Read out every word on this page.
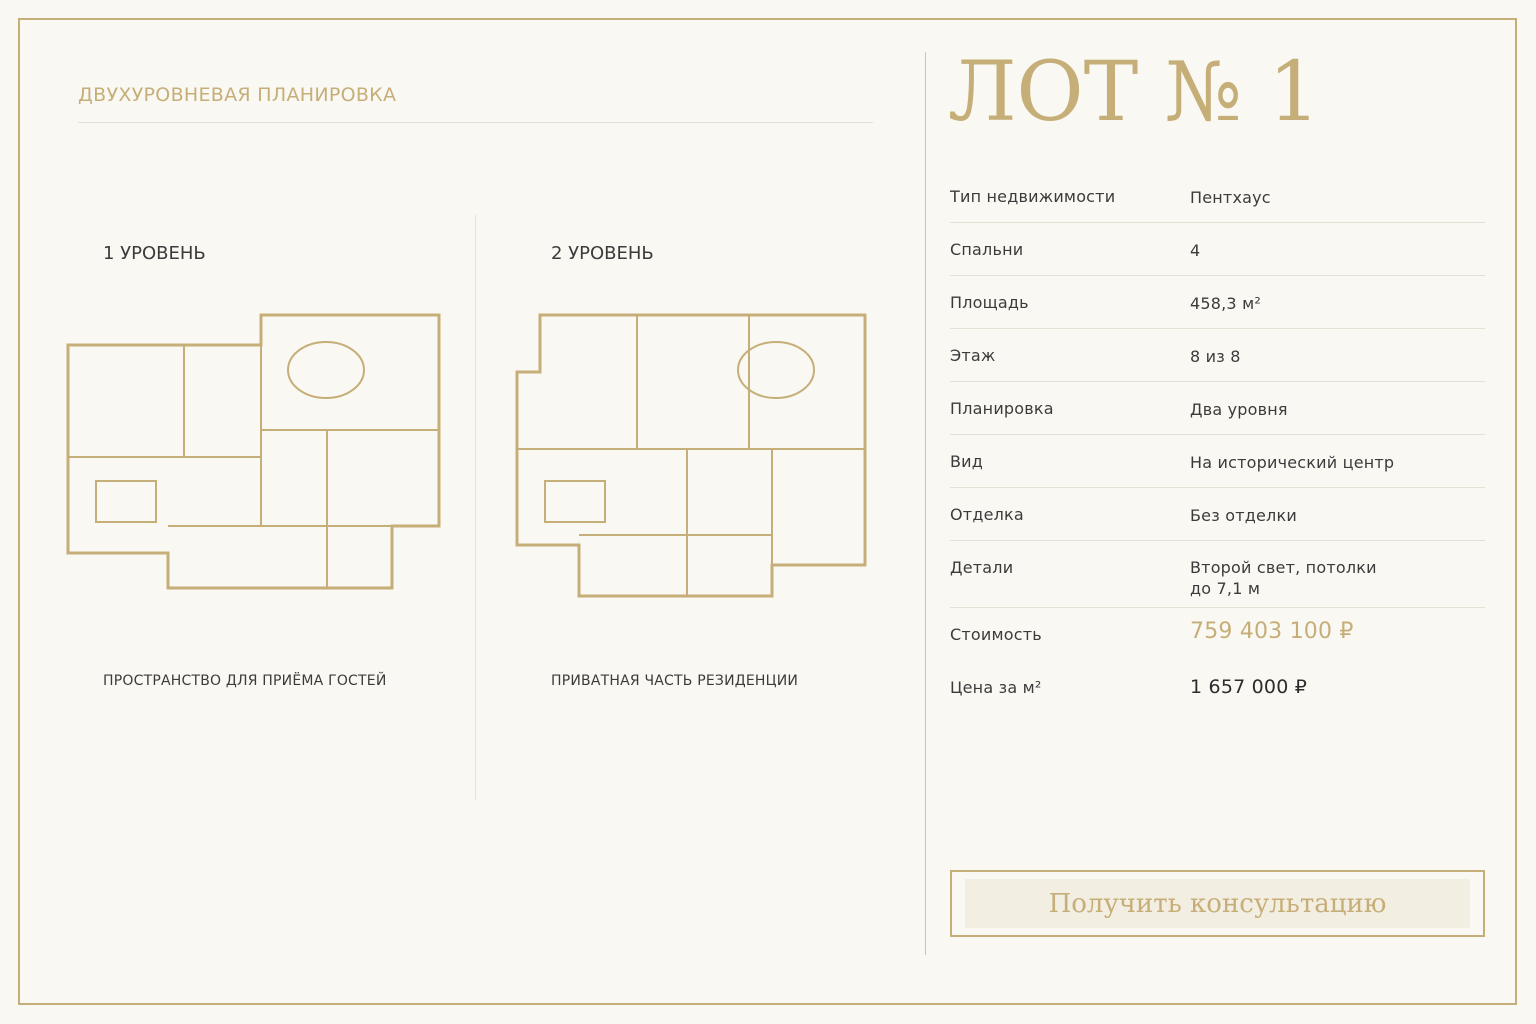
ДВУХУРОВНЕВАЯ ПЛАНИРОВКА
1 УРОВЕНЬ	2 УРОВЕНЬ
ПРОСТРАНСТВО ДЛЯ ПРИЁМА ГОСТЕЙ	ПРИВАТНАЯ ЧАСТЬ РЕЗИДЕНЦИИ
ЛОТ № 1
Тип недвижимости	Пентхаус
Спальни	4
Площадь	458,3 м²
Этаж	8 из 8
Планировка	Два уровня
Вид	На исторический центр
Отделка	Без отделки
Детали	Второй свет, потолки
до 7,1 м
Стоимость	759 403 100 ₽
Цена за м²	1 657 000 ₽
Получить консультацию
